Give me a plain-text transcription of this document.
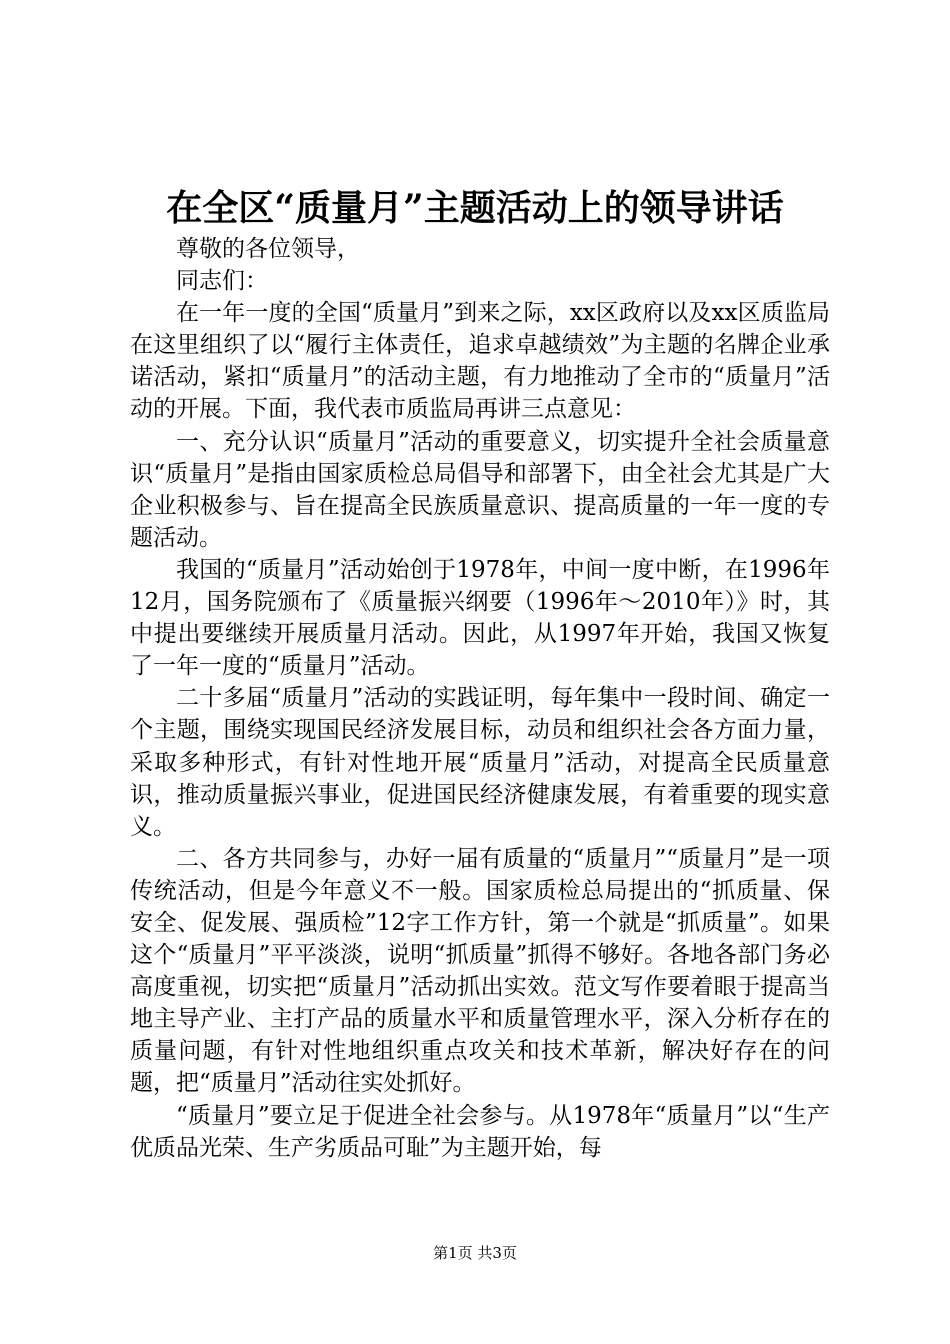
在全区“质量月”主题活动上的领导讲话

尊敬的各位领导，

同志们：

在一年一度的全国“质量月”到来之际，xx区政府以及xx区质监局在这里组织了以“履行主体责任，追求卓越绩效”为主题的名牌企业承诺活动，紧扣“质量月”的活动主题，有力地推动了全市的“质量月”活动的开展。下面，我代表市质监局再讲三点意见：

一、充分认识“质量月”活动的重要意义，切实提升全社会质量意识“质量月”是指由国家质检总局倡导和部署下，由全社会尤其是广大企业积极参与、旨在提高全民族质量意识、提高质量的一年一度的专题活动。

我国的“质量月”活动始创于1978年，中间一度中断，在1996年12月，国务院颁布了《质量振兴纲要（1996年～2010年）》时，其中提出要继续开展质量月活动。因此，从1997年开始，我国又恢复了一年一度的“质量月”活动。

二十多届“质量月”活动的实践证明，每年集中一段时间、确定一个主题，围绕实现国民经济发展目标，动员和组织社会各方面力量，采取多种形式，有针对性地开展“质量月”活动，对提高全民质量意识，推动质量振兴事业，促进国民经济健康发展，有着重要的现实意义。

二、各方共同参与，办好一届有质量的“质量月”“质量月”是一项传统活动，但是今年意义不一般。国家质检总局提出的“抓质量、保安全、促发展、强质检”12字工作方针，第一个就是“抓质量”。如果这个“质量月”平平淡淡，说明“抓质量”抓得不够好。各地各部门务必高度重视，切实把“质量月”活动抓出实效。范文写作要着眼于提高当地主导产业、主打产品的质量水平和质量管理水平，深入分析存在的质量问题，有针对性地组织重点攻关和技术革新，解决好存在的问题，把“质量月”活动往实处抓好。

“质量月”要立足于促进全社会参与。从1978年“质量月”以“生产优质品光荣、生产劣质品可耻”为主题开始，每

第1页 共3页
